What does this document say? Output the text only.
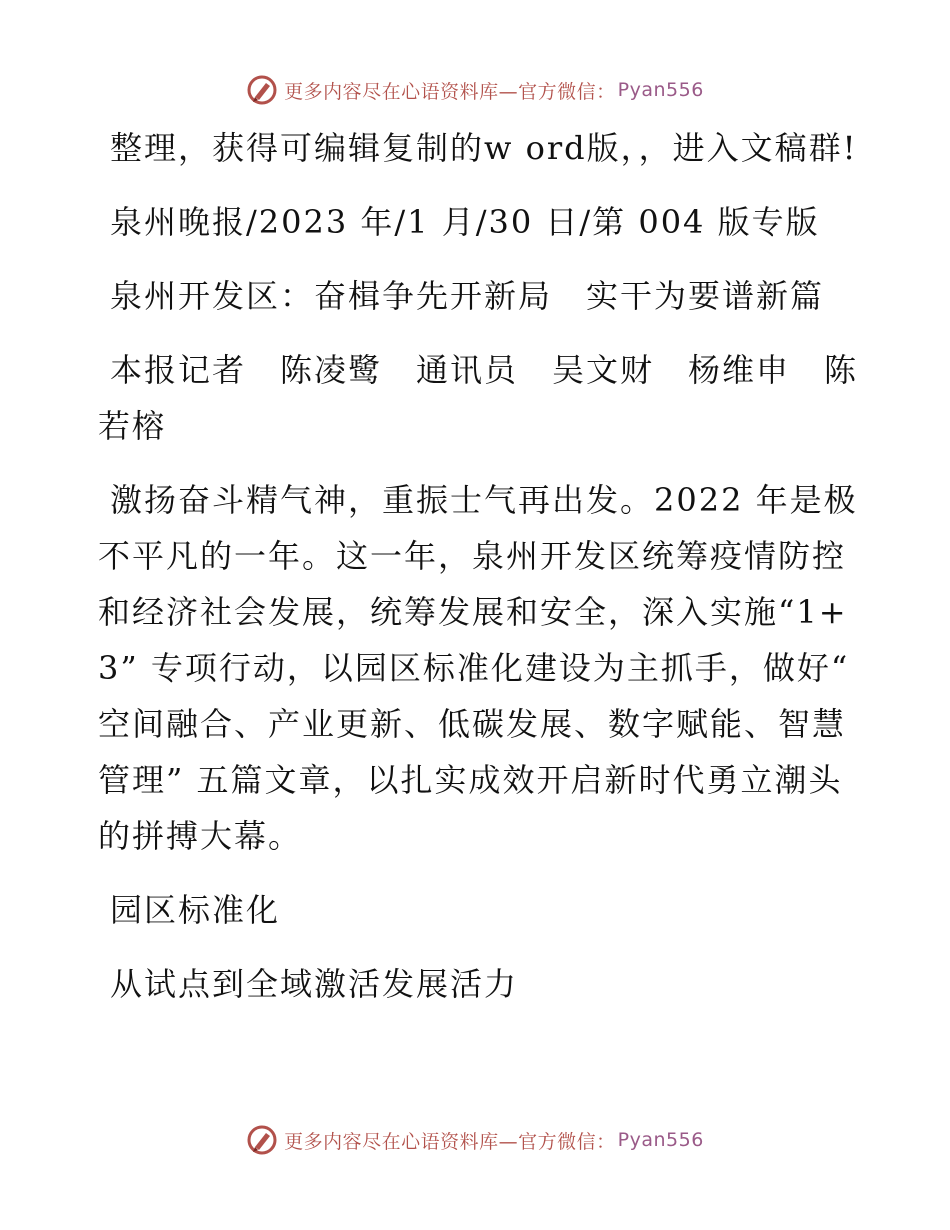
更多内容尽在心语资料库—官方微信： Pyan556

整理，获得可编辑复制的w ord版，，进入文稿群!

泉州晚报/2023 年/1 月/30 日/第 004 版专版

泉州开发区：奋楫争先开新局　实干为要谱新篇

本报记者　陈凌鹭　通讯员　吴文财　杨维申　陈若榕

激扬奋斗精气神，重振士气再出发。2022 年是极不平凡的一年。这一年，泉州开发区统筹疫情防控和经济社会发展，统筹发展和安全，深入实施“1+3” 专项行动，以园区标准化建设为主抓手，做好“ 空间融合、产业更新、低碳发展、数字赋能、智慧管理” 五篇文章，以扎实成效开启新时代勇立潮头的拼搏大幕。

园区标准化

从试点到全域激活发展活力

更多内容尽在心语资料库—官方微信： Pyan556
